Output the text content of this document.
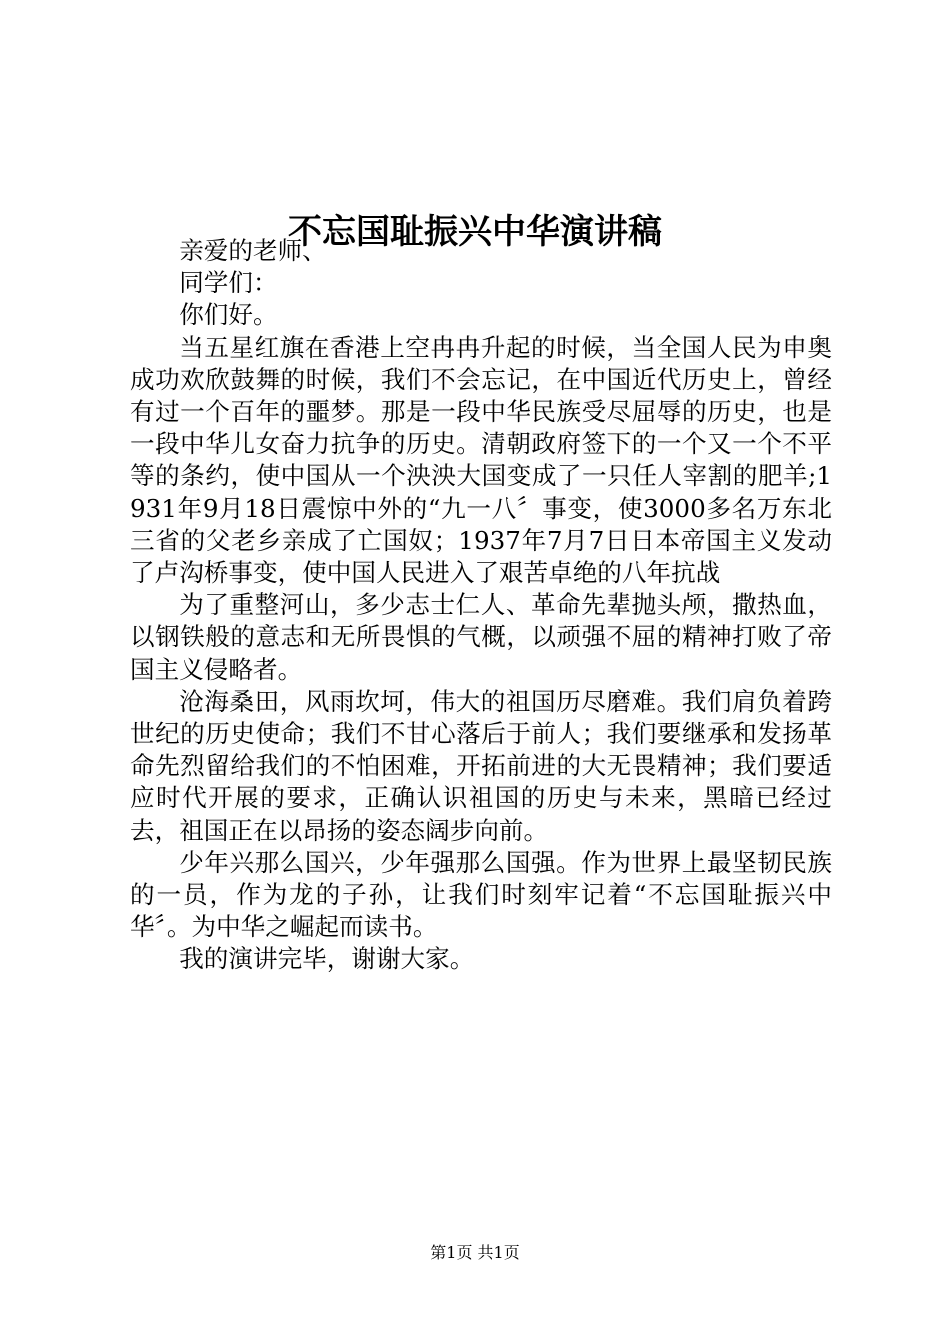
不忘国耻振兴中华演讲稿

亲爱的老师、

同学们：

你们好。

当五星红旗在香港上空冉冉升起的时候，当全国人民为申奥成功欢欣鼓舞的时候，我们不会忘记，在中国近代历史上，曾经有过一个百年的噩梦。那是一段中华民族受尽屈辱的历史，也是一段中华儿女奋力抗争的历史。清朝政府签下的一个又一个不平等的条约，使中国从一个泱泱大国变成了一只任人宰割的肥羊;1931年9月18日震惊中外的“九一八〞事变，使3000多名万东北三省的父老乡亲成了亡国奴；1937年7月7日日本帝国主义发动了卢沟桥事变，使中国人民进入了艰苦卓绝的八年抗战

为了重整河山，多少志士仁人、革命先辈抛头颅，撒热血，以钢铁般的意志和无所畏惧的气概，以顽强不屈的精神打败了帝国主义侵略者。

沧海桑田，风雨坎坷，伟大的祖国历尽磨难。我们肩负着跨世纪的历史使命；我们不甘心落后于前人；我们要继承和发扬革命先烈留给我们的不怕困难，开拓前进的大无畏精神；我们要适应时代开展的要求，正确认识祖国的历史与未来，黑暗已经过去，祖国正在以昂扬的姿态阔步向前。

少年兴那么国兴，少年强那么国强。作为世界上最坚韧民族的一员，作为龙的子孙，让我们时刻牢记着“不忘国耻振兴中华〞。为中华之崛起而读书。

我的演讲完毕，谢谢大家。

第1页 共1页
